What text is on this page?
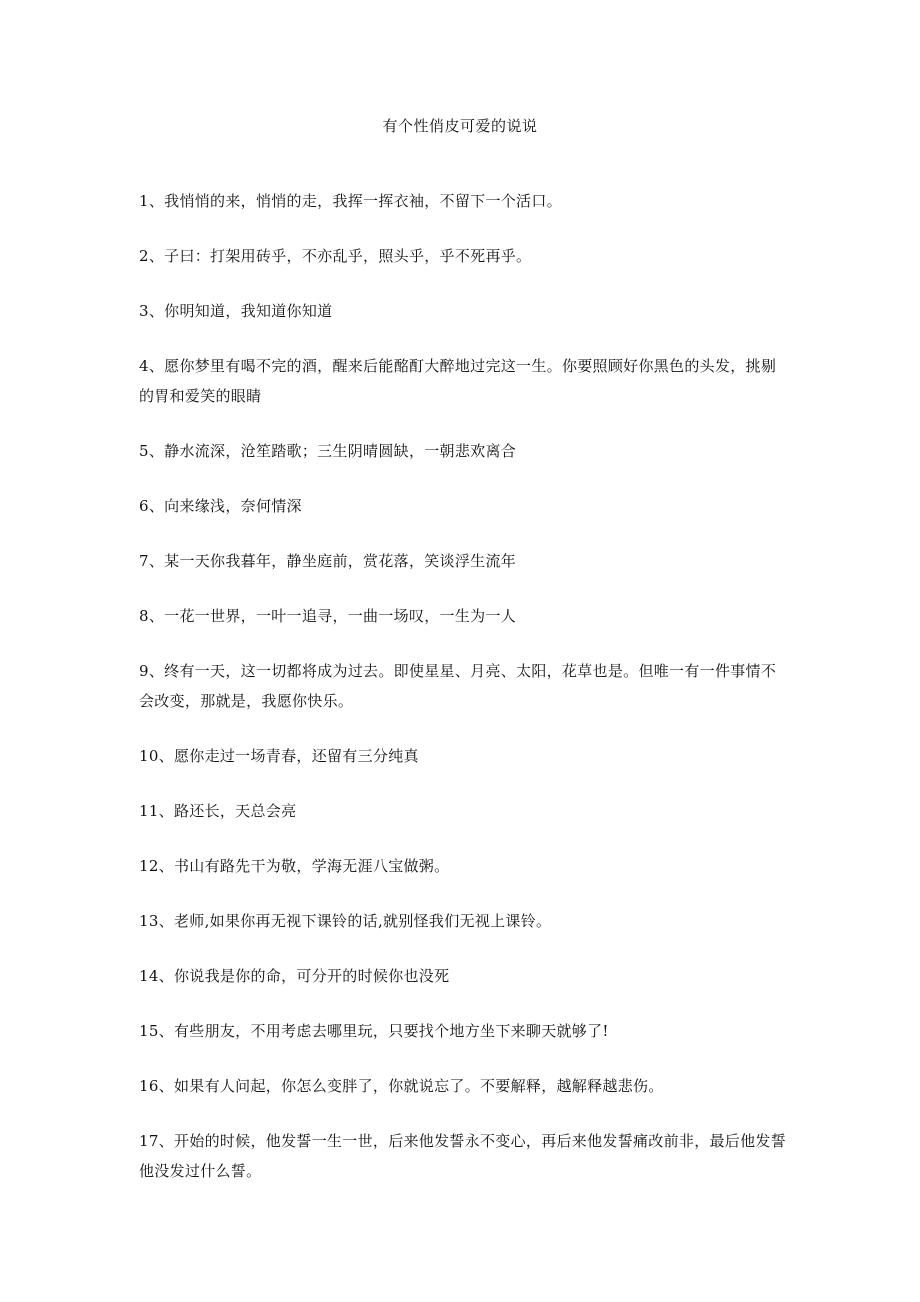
有个性俏皮可爱的说说
1、我悄悄的来，悄悄的走，我挥一挥衣袖，不留下一个活口。
2、子曰：打架用砖乎，不亦乱乎，照头乎，乎不死再乎。
3、你明知道，我知道你知道
4、愿你梦里有喝不完的酒，醒来后能酩酊大醉地过完这一生。你要照顾好你黑色的头发，挑剔的胃和爱笑的眼睛
5、静水流深，沧笙踏歌；三生阴晴圆缺，一朝悲欢离合
6、向来缘浅，奈何情深
7、某一天你我暮年，静坐庭前，赏花落，笑谈浮生流年
8、一花一世界，一叶一追寻，一曲一场叹，一生为一人
9、终有一天，这一切都将成为过去。即使星星、月亮、太阳，花草也是。但唯一有一件事情不会改变，那就是，我愿你快乐。
10、愿你走过一场青春，还留有三分纯真
11、路还长，天总会亮
12、书山有路先干为敬，学海无涯八宝做粥。
13、老师,如果你再无视下课铃的话,就别怪我们无视上课铃。
14、你说我是你的命，可分开的时候你也没死
15、有些朋友，不用考虑去哪里玩，只要找个地方坐下来聊天就够了!
16、如果有人问起，你怎么变胖了，你就说忘了。不要解释，越解释越悲伤。
17、开始的时候，他发誓一生一世，后来他发誓永不变心，再后来他发誓痛改前非，最后他发誓他没发过什么誓。
